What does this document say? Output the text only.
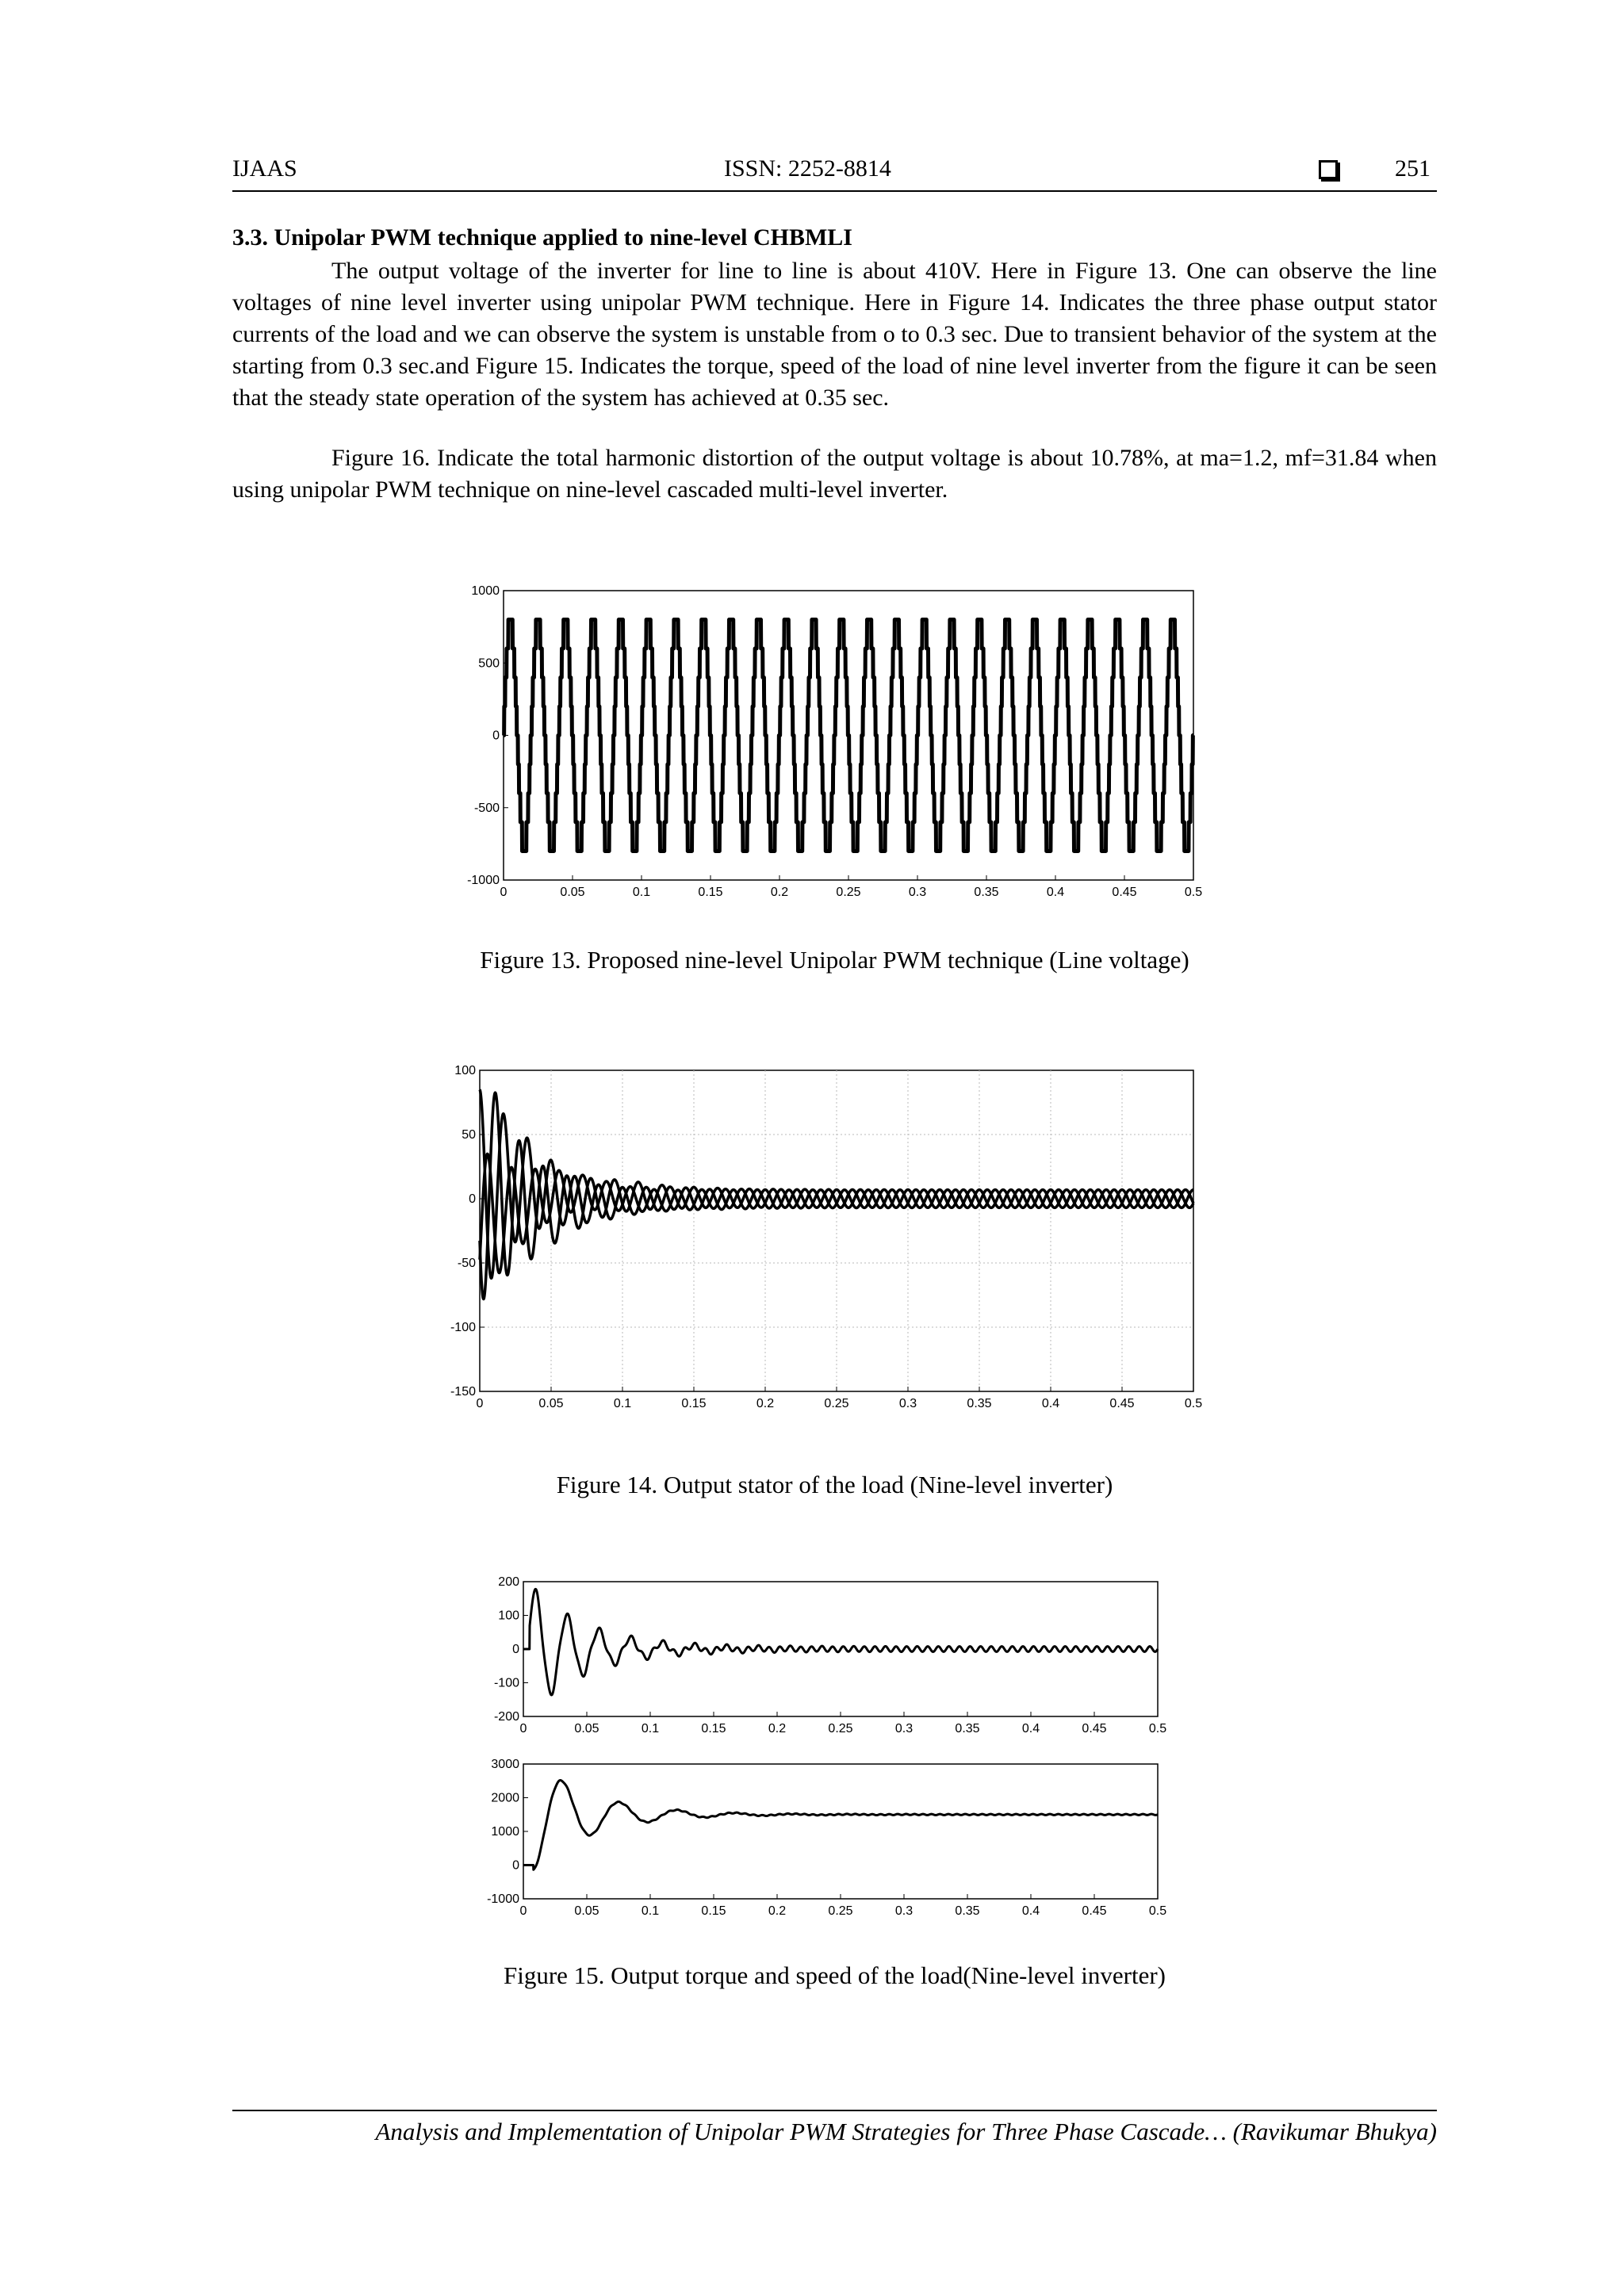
IJAAS	ISSN: 2252-8814	251
3.3. Unipolar PWM technique applied to nine-level CHBMLI

The output voltage of the inverter for line to line is about 410V. Here in Figure 13. One can observe the line voltages of nine level inverter using unipolar PWM technique. Here in Figure 14. Indicates the three phase output stator currents of the load and we can observe the system is unstable from o to 0.3 sec. Due to transient behavior of the system at the starting from 0.3 sec.and Figure 15. Indicates the torque, speed of the load of nine level inverter from the figure it can be seen that the steady state operation of the system has achieved at 0.35 sec.

Figure 16. Indicate the total harmonic distortion of the output voltage is about 10.78%, at ma=1.2, mf=31.84 when using unipolar PWM technique on nine-level cascaded multi-level inverter.

0	0.05	0.1	0.15	0.2	0.25	0.3	0.35	0.4	0.45	0.5
-1000
-500
0
500
1000
Figure 13. Proposed nine-level Unipolar PWM technique (Line voltage)
0	0.05	0.1	0.15	0.2	0.25	0.3	0.35	0.4	0.45	0.5
-150
-100
-50
0
50
100
Figure 14. Output stator of the load (Nine-level inverter)
0	0.05	0.1	0.15	0.2	0.25	0.3	0.35	0.4	0.45	0.5
-200
-100
0
100
200
0	0.05	0.1	0.15	0.2	0.25	0.3	0.35	0.4	0.45	0.5
-1000
0
1000
2000
3000
Figure 15. Output torque and speed of the load(Nine-level inverter)
Analysis and Implementation of Unipolar PWM Strategies for Three Phase Cascade… (Ravikumar Bhukya)
